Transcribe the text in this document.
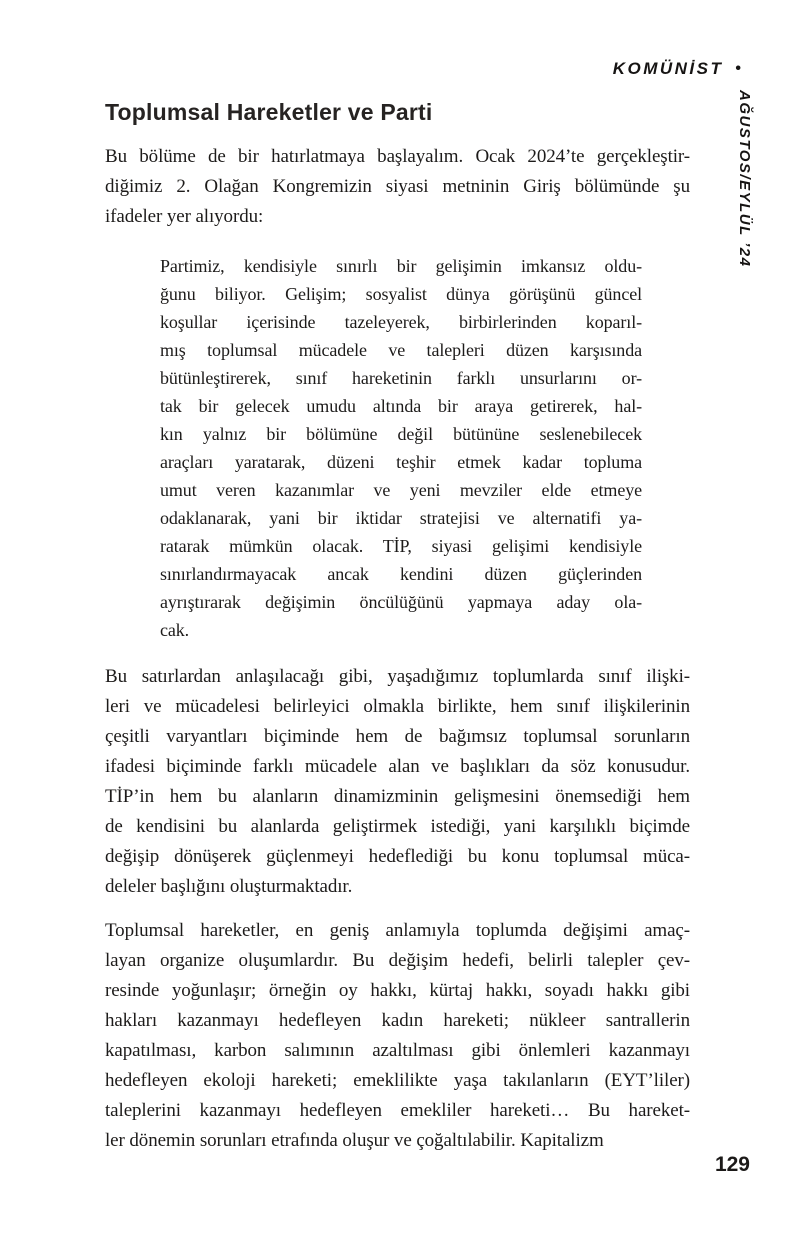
KOMÜNİST •
AĞUSTOS/EYLÜL ’24
Toplumsal Hareketler ve Parti
Bu bölüme de bir hatırlatmaya başlayalım. Ocak 2024’te gerçekleştir-
diğimiz 2. Olağan Kongremizin siyasi metninin Giriş bölümünde şu
ifadeler yer alıyordu:
Partimiz, kendisiyle sınırlı bir gelişimin imkansız oldu-
ğunu biliyor. Gelişim; sosyalist dünya görüşünü güncel
koşullar içerisinde tazeleyerek, birbirlerinden koparıl-
mış toplumsal mücadele ve talepleri düzen karşısında
bütünleştirerek, sınıf hareketinin farklı unsurlarını or-
tak bir gelecek umudu altında bir araya getirerek, hal-
kın yalnız bir bölümüne değil bütününe seslenebilecek
araçları yaratarak, düzeni teşhir etmek kadar topluma
umut veren kazanımlar ve yeni mevziler elde etmeye
odaklanarak, yani bir iktidar stratejisi ve alternatifi ya-
ratarak mümkün olacak. TİP, siyasi gelişimi kendisiyle
sınırlandırmayacak ancak kendini düzen güçlerinden
ayrıştırarak değişimin öncülüğünü yapmaya aday ola-
cak.
Bu satırlardan anlaşılacağı gibi, yaşadığımız toplumlarda sınıf ilişki-
leri ve mücadelesi belirleyici olmakla birlikte, hem sınıf ilişkilerinin
çeşitli varyantları biçiminde hem de bağımsız toplumsal sorunların
ifadesi biçiminde farklı mücadele alan ve başlıkları da söz konusudur.
TİP’in hem bu alanların dinamizminin gelişmesini önemsediği hem
de kendisini bu alanlarda geliştirmek istediği, yani karşılıklı biçimde
değişip dönüşerek güçlenmeyi hedeflediği bu konu toplumsal müca-
deleler başlığını oluşturmaktadır.
Toplumsal hareketler, en geniş anlamıyla toplumda değişimi amaç-
layan organize oluşumlardır. Bu değişim hedefi, belirli talepler çev-
resinde yoğunlaşır; örneğin oy hakkı, kürtaj hakkı, soyadı hakkı gibi
hakları kazanmayı hedefleyen kadın hareketi; nükleer santrallerin
kapatılması, karbon salımının azaltılması gibi önlemleri kazanmayı
hedefleyen ekoloji hareketi; emeklilikte yaşa takılanların (EYT’liler)
taleplerini kazanmayı hedefleyen emekliler hareketi… Bu hareket-
ler dönemin sorunları etrafında oluşur ve çoğaltılabilir. Kapitalizm
129
